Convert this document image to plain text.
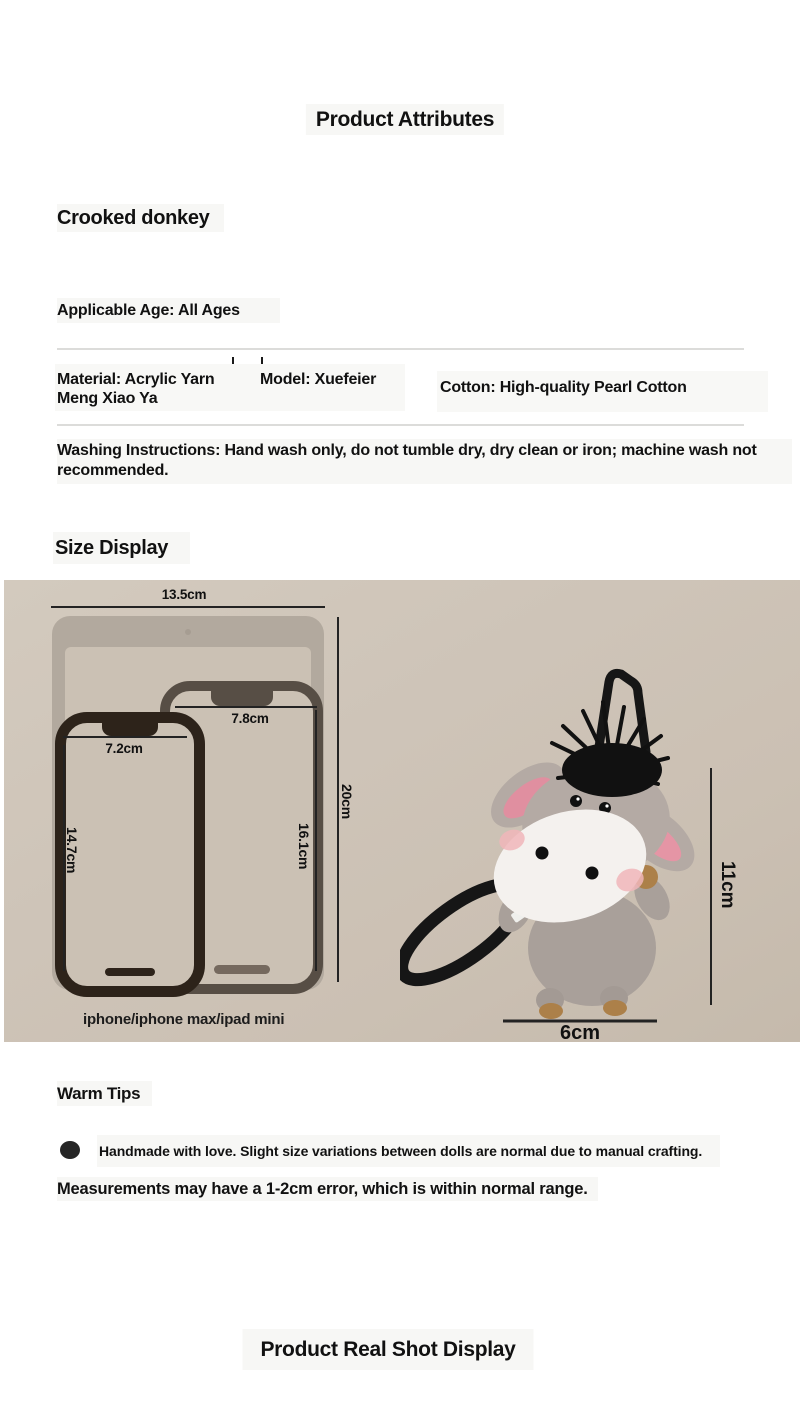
Product Attributes
Crooked donkey
Applicable Age: All Ages
Material: Acrylic Yarn
Meng Xiao Ya
Model: Xuefeier	Cotton: High-quality Pearl Cotton
Washing Instructions: Hand wash only, do not tumble dry, dry clean or iron; machine wash not recommended.
Size Display
13.5cm
20cm
7.8cm
16.1cm
7.2cm
14.7cm
iphone/iphone max/ipad mini
11cm
6cm
Warm Tips
Handmade with love. Slight size variations between dolls are normal due to manual crafting.
Measurements may have a 1-2cm error, which is within normal range.
Product Real Shot Display
